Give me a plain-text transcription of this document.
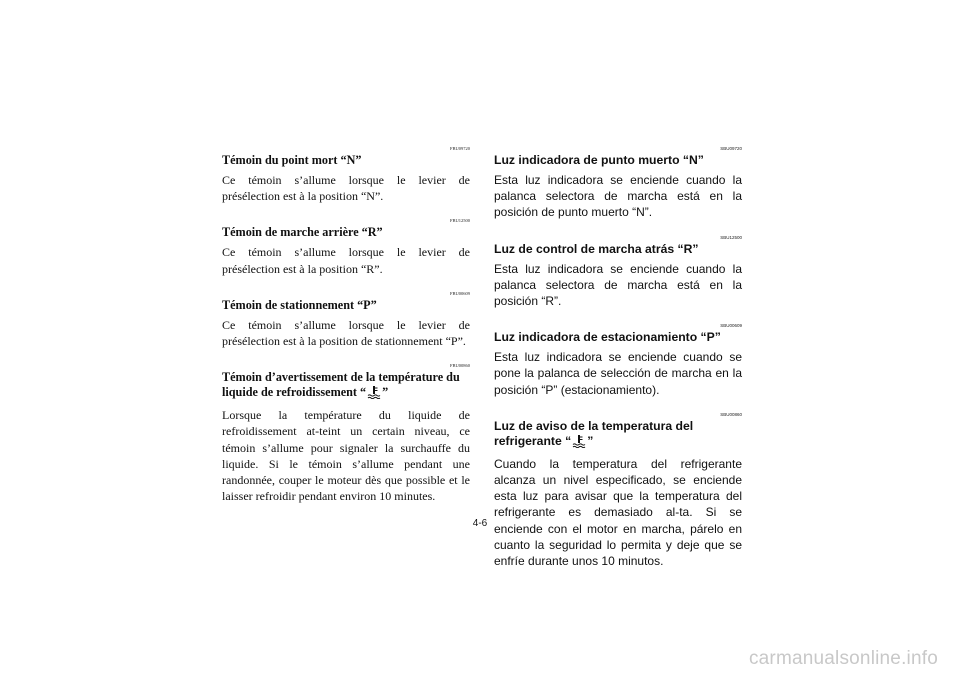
FBU09720

Témoin du point mort “N”

Ce témoin s’allume lorsque le levier de présélection est à la position “N”.

FBU12500

Témoin de marche arrière “R”

Ce témoin s’allume lorsque le levier de présélection est à la position “R”.

FBU00609

Témoin de stationnement “P”

Ce témoin s’allume lorsque le levier de présélection est à la position de stationnement “P”.

FBU00860

Témoin d’avertissement de la température du liquide de refroidissement “ ”

Lorsque la température du liquide de refroidissement at-teint un certain niveau, ce témoin s’allume pour signaler la surchauffe du liquide. Si le témoin s’allume pendant une randonnée, couper le moteur dès que possible et le laisser refroidir pendant environ 10 minutes.

SBU09720

Luz indicadora de punto muerto “N”

Esta luz indicadora se enciende cuando la palanca selectora de marcha está en la posición de punto muerto “N”.

SBU12500

Luz de control de marcha atrás “R”

Esta luz indicadora se enciende cuando la palanca selectora de marcha está en la posición “R”.

SBU00609

Luz indicadora de estacionamiento “P”

Esta luz indicadora se enciende cuando se pone la palanca de selección de marcha en la posición “P” (estacionamiento).

SBU00860

Luz de aviso de la temperatura del refrigerante “ ”

Cuando la temperatura del refrigerante alcanza un nivel especificado, se enciende esta luz para avisar que la temperatura del refrigerante es demasiado al-ta. Si se enciende con el motor en marcha, párelo en cuanto la seguridad lo permita y deje que se enfríe durante unos 10 minutos.

4-6
carmanualsonline.info
